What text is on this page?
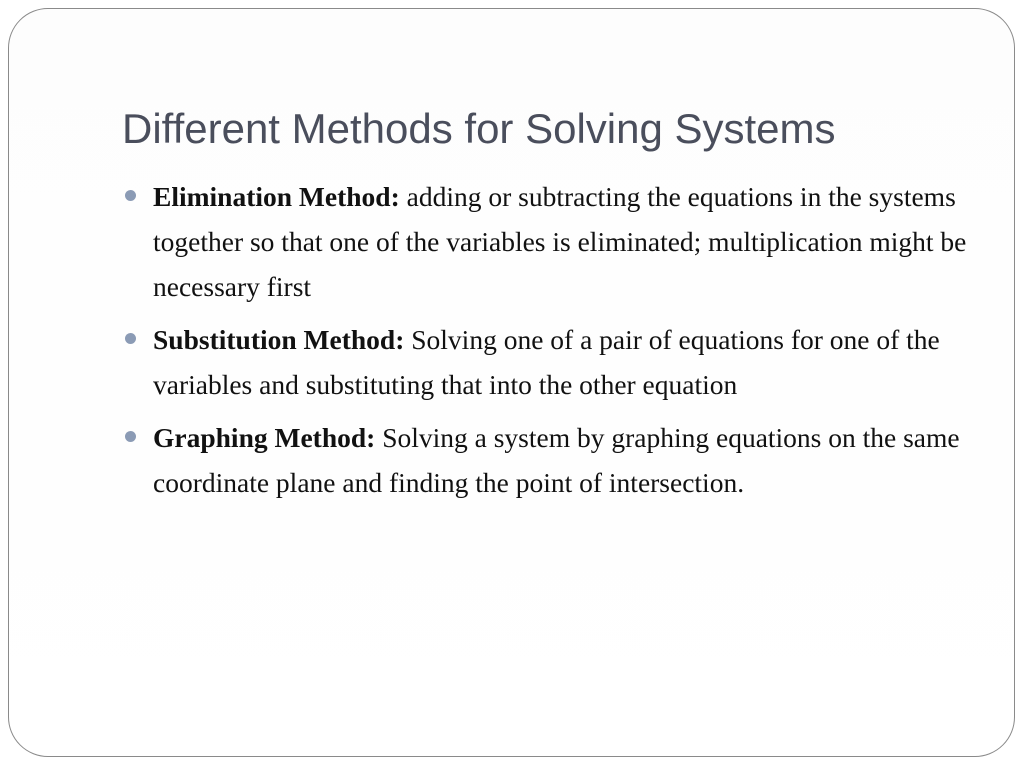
Different Methods for Solving Systems
Elimination Method: adding or subtracting the equations in the systems together so that one of the variables is eliminated; multiplication might be necessary first
Substitution Method: Solving one of a pair of equations for one of the variables and substituting that into the other equation
Graphing Method: Solving a system by graphing equations on the same coordinate plane and finding the point of intersection.
